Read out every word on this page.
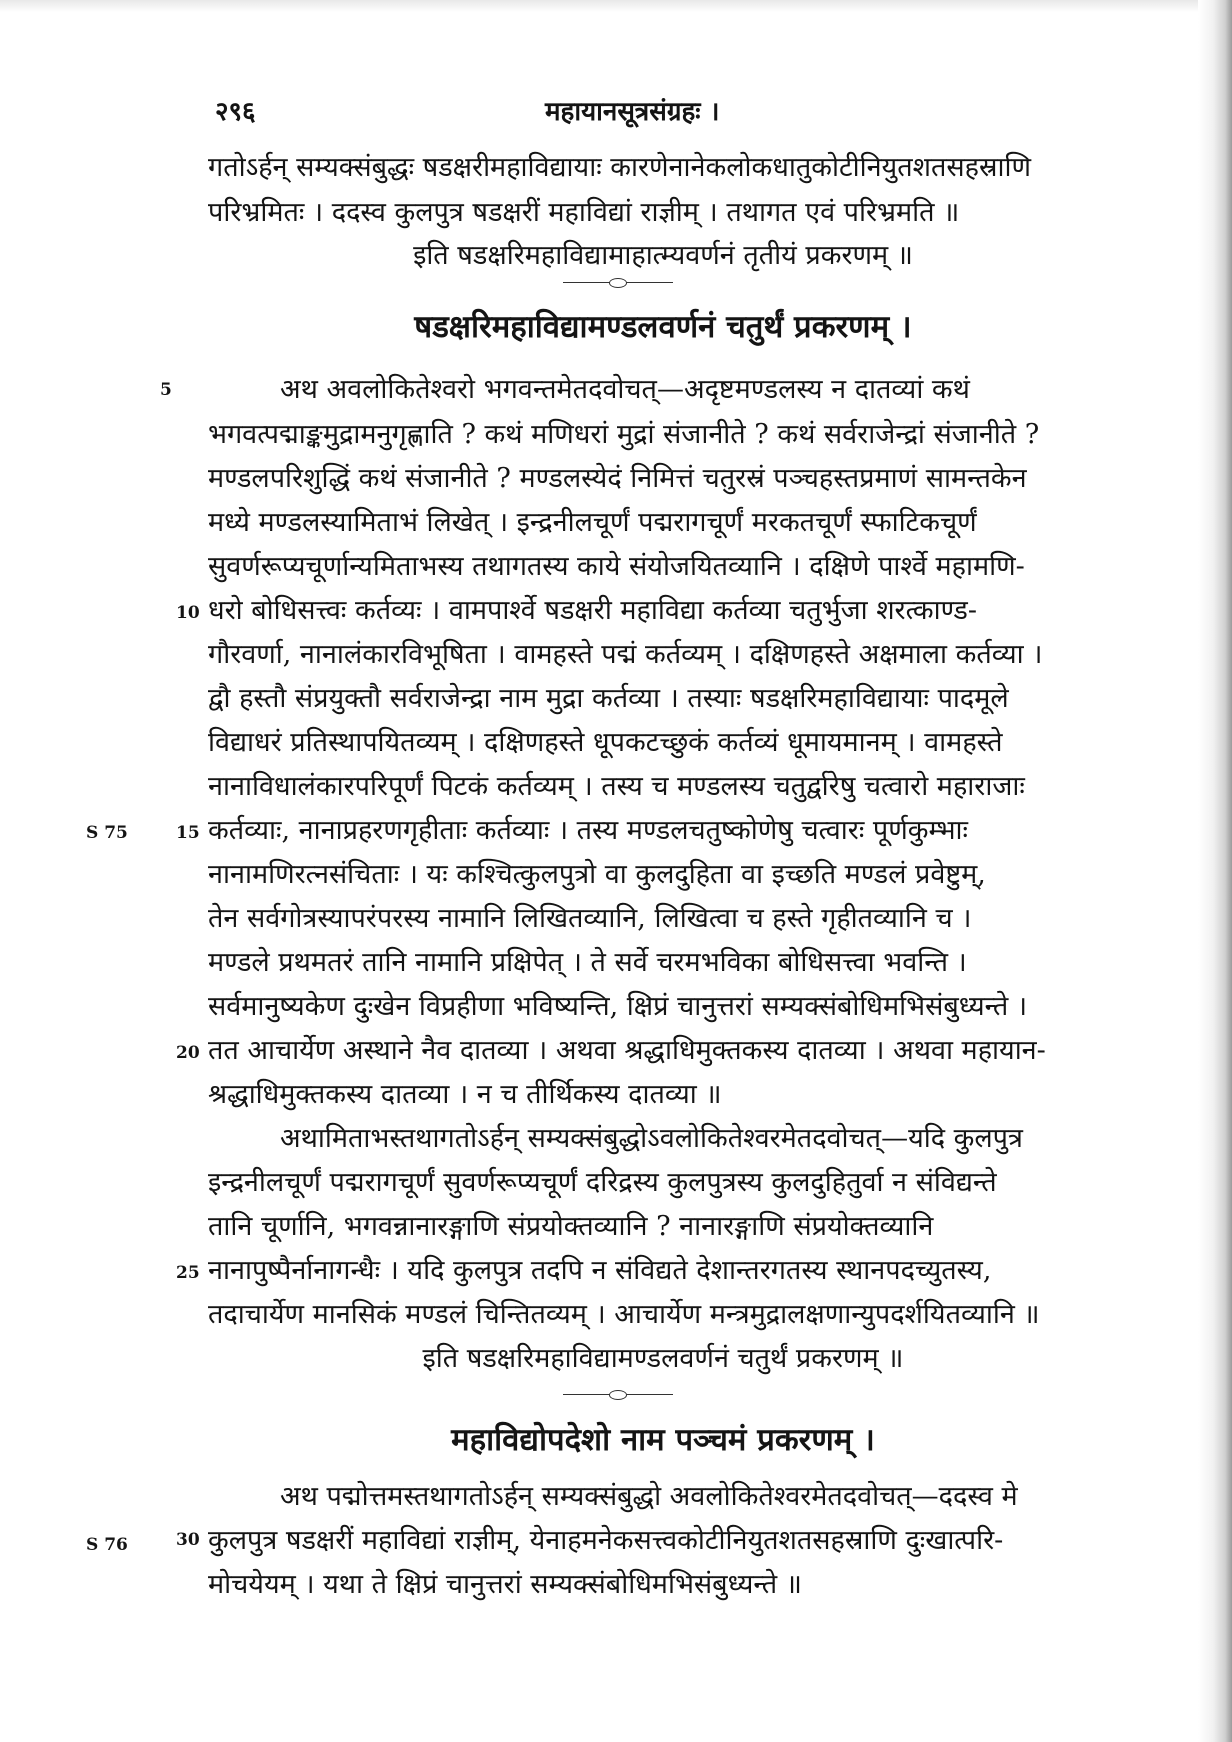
२९६	महायानसूत्रसंग्रहः ।
गतोऽर्हन् सम्यक्संबुद्धः षडक्षरीमहाविद्यायाः कारणेनानेकलोकधातुकोटीनियुतशतसहस्राणि
परिभ्रमितः । ददस्व कुलपुत्र षडक्षरीं महाविद्यां राज्ञीम् । तथागत एवं परिभ्रमति ॥
इति षडक्षरिमहाविद्यामाहात्म्यवर्णनं तृतीयं प्रकरणम् ॥
षडक्षरिमहाविद्यामण्डलवर्णनं चतुर्थं प्रकरणम् ।
5	अथ अवलोकितेश्वरो भगवन्तमेतदवोचत्—अदृष्टमण्डलस्य न दातव्यां कथं
भगवत्पद्माङ्कमुद्रामनुगृह्णाति ? कथं मणिधरां मुद्रां संजानीते ? कथं सर्वराजेन्द्रां संजानीते ?
मण्डलपरिशुद्धिं कथं संजानीते ? मण्डलस्येदं निमित्तं चतुरस्रं पञ्चहस्तप्रमाणं सामन्तकेन
मध्ये मण्डलस्यामिताभं लिखेत् । इन्द्रनीलचूर्णं पद्मरागचूर्णं मरकतचूर्णं स्फाटिकचूर्णं
सुवर्णरूप्यचूर्णान्यमिताभस्य तथागतस्य काये संयोजयितव्यानि । दक्षिणे पार्श्वे महामणि-
10 धरो बोधिसत्त्वः कर्तव्यः । वामपार्श्वे षडक्षरी महाविद्या कर्तव्या चतुर्भुजा शरत्काण्ड-
गौरवर्णा, नानालंकारविभूषिता । वामहस्ते पद्मं कर्तव्यम् । दक्षिणहस्ते अक्षमाला कर्तव्या ।
द्वौ हस्तौ संप्रयुक्तौ सर्वराजेन्द्रा नाम मुद्रा कर्तव्या । तस्याः षडक्षरिमहाविद्यायाः पादमूले
विद्याधरं प्रतिस्थापयितव्यम् । दक्षिणहस्ते धूपकटच्छुकं कर्तव्यं धूमायमानम् । वामहस्ते
नानाविधालंकारपरिपूर्णं पिटकं कर्तव्यम् । तस्य च मण्डलस्य चतुर्द्वारेषु चत्वारो महाराजाः
S 75	15 कर्तव्याः, नानाप्रहरणगृहीताः कर्तव्याः । तस्य मण्डलचतुष्कोणेषु चत्वारः पूर्णकुम्भाः
नानामणिरत्नसंचिताः । यः कश्चित्कुलपुत्रो वा कुलदुहिता वा इच्छति मण्डलं प्रवेष्टुम्,
तेन सर्वगोत्रस्यापरंपरस्य नामानि लिखितव्यानि, लिखित्वा च हस्ते गृहीतव्यानि च ।
मण्डले प्रथमतरं तानि नामानि प्रक्षिपेत् । ते सर्वे चरमभविका बोधिसत्त्वा भवन्ति ।
सर्वमानुष्यकेण दुःखेन विप्रहीणा भविष्यन्ति, क्षिप्रं चानुत्तरां सम्यक्संबोधिमभिसंबुध्यन्ते ।
20 तत आचार्येण अस्थाने नैव दातव्या । अथवा श्रद्धाधिमुक्तकस्य दातव्या । अथवा महायान-
श्रद्धाधिमुक्तकस्य दातव्या । न च तीर्थिकस्य दातव्या ॥
अथामिताभस्तथागतोऽर्हन् सम्यक्संबुद्धोऽवलोकितेश्वरमेतदवोचत्—यदि कुलपुत्र
इन्द्रनीलचूर्णं पद्मरागचूर्णं सुवर्णरूप्यचूर्णं दरिद्रस्य कुलपुत्रस्य कुलदुहितुर्वा न संविद्यन्ते
तानि चूर्णानि, भगवन्नानारङ्गाणि संप्रयोक्तव्यानि ? नानारङ्गाणि संप्रयोक्तव्यानि
25 नानापुष्पैर्नानागन्धैः । यदि कुलपुत्र तदपि न संविद्यते देशान्तरगतस्य स्थानपदच्युतस्य,
तदाचार्येण मानसिकं मण्डलं चिन्तितव्यम् । आचार्येण मन्त्रमुद्रालक्षणान्युपदर्शयितव्यानि ॥
इति षडक्षरिमहाविद्यामण्डलवर्णनं चतुर्थं प्रकरणम् ॥
महाविद्योपदेशो नाम पञ्चमं प्रकरणम् ।
अथ पद्मोत्तमस्तथागतोऽर्हन् सम्यक्संबुद्धो अवलोकितेश्वरमेतदवोचत्—ददस्व मे
S 76	30 कुलपुत्र षडक्षरीं महाविद्यां राज्ञीम्, येनाहमनेकसत्त्वकोटीनियुतशतसहस्राणि दुःखात्परि-
मोचयेयम् । यथा ते क्षिप्रं चानुत्तरां सम्यक्संबोधिमभिसंबुध्यन्ते ॥
